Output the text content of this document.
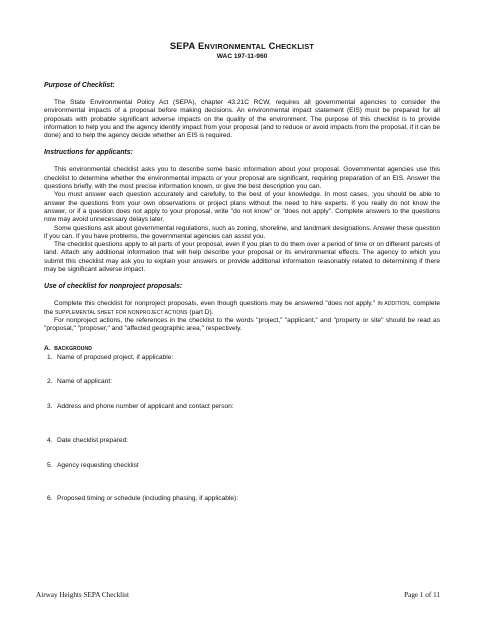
SEPA ENVIRONMENTAL CHECKLIST
WAC 197-11-960
Purpose of Checklist:

The State Environmental Policy Act (SEPA), chapter 43.21C RCW, requires all governmental agencies to consider the environmental impacts of a proposal before making decisions. An environmental impact statement (EIS) must be prepared for all proposals with probable significant adverse impacts on the quality of the environment. The purpose of this checklist is to provide information to help you and the agency identify impact from your proposal (and to reduce or avoid impacts from the proposal, if it can be done) and to help the agency decide whether an EIS is required.

Instructions for applicants:

This environmental checklist asks you to describe some basic information about your proposal. Governmental agencies use this checklist to determine whether the environmental impacts or your proposal are significant, requiring preparation of an EIS. Answer the questions briefly, with the most precise information known, or give the best description you can.

You must answer each question accurately and carefully, to the best of your knowledge. In most cases, ;you should be able to answer the questions from your own observations or project plans without the need to hire experts. If you really do not know the answer, or if a question does not apply to your proposal, write "do not know" or "does not apply". Complete answers to the questions now may avoid unnecessary delays later.

Some questions ask about governmental regulations, such as zoning, shoreline, and landmark designations. Answer these question if you can. If you have problems, the governmental agencies can assist you.

The checklist questions apply to all parts of your proposal, even if you plan to do them over a period of time or on different parcels of land. Attach any additional information that will help describe your proposal or its environmental effects. The agency to which you submit this checklist may ask you to explain your answers or provide additional information reasonably related to determining if there may be significant adverse impact.

Use of checklist for nonproject proposals:

Complete this checklist for nonproject proposals, even though questions may be answered "does not apply." IN ADDITION, complete the SUPPLEMENTAL SHEET FOR NONPROJECT ACTIONS (part D).

For nonproject actions, the references in the checklist to the words "project," "applicant," and "property or site" should be read as "proposal," "proposer," and "affected geographic area," respectively.

A. BACKGROUND
1. Name of proposed project, if applicable:
2. Name of applicant:
3. Address and phone number of applicant and contact person:
4. Date checklist prepared:
5. Agency requesting checklist
6. Proposed timing or schedule (including phasing, if applicable):
Airway Heights SEPA Checklist	Page 1 of 11
